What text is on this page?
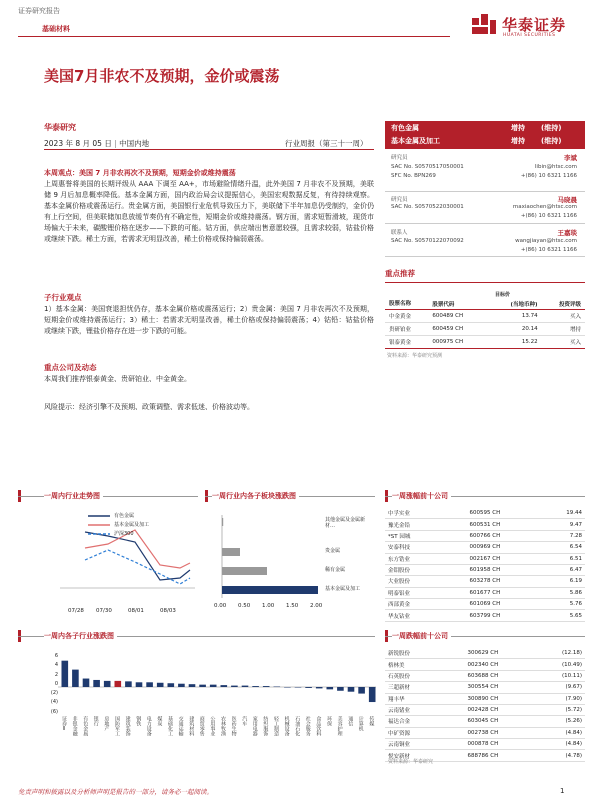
证券研究报告
基础材料	华泰证券
HUATAI SECURITIES
美国7月非农不及预期，金价或震荡
华泰研究
2023 年 8 月 05 日 | 中国内地	行业周报（第三十一周）
有色金属	增持 (维持)
基本金属及加工	增持 (维持)
研究员	李斌
SAC No. S0570517050001	libin@htsc.com
SFC No. BPN269	+(86) 10 6321 1166
研究员	马晓晨
SAC No. S0570522030001	maxiaochen@htsc.com
+(86) 10 6321 1166
联系人	王嘉琰
SAC No. S0570122070092	wangjiayan@htsc.com
+(86) 10 6321 1166
重点推荐
目标价
股票名称	股票代码	(当地币种)	投资评级
中金黄金	600489 CH	13.74	买入
贵研铂业	600459 CH	20.14	增持
银泰黄金	000975 CH	15.22	买入
资料来源：华泰研究预测
本周观点：美国 7 月非农再次不及预期，短期金价或维持震荡
上周惠誉将美国的长期评级从 AAA 下调至 AA+，市场避险情绪升温，此外美国 7 月非农不及预期，美联储 9 月后加息概率降低。基本金属方面，国内政治局会议提振信心，美国宏观数据反复，有待持续观察。基本金属价格或震荡运行。贵金属方面，美国银行业危机导致压力下，美联储下半年加息仍受制约，金价仍有上行空间，但美联储加息放缓节奏仍有不确定性，短期金价或维持震荡。钢方面，需求短暂滑坡，现货市场偏大于未来，碳酸锂价格在逐步——下跌的可能。钴方面，供应端出售意愿较强，且需求较弱，钴盐价格或继续下跌。稀土方面，若需求无明显改善，稀土价格或保持偏弱震荡。
子行业观点
1）基本金属：美国衰退担忧仍存，基本金属价格或震荡运行；2）贵金属：美国 7 月非农再次不及预期，短期金价或维持震荡运行；3）稀土：若需求无明显改善，稀土价格或保持偏弱震荡；4）钴铅：钴盐价格或继续下跌，锂盐价格存在进一步下跌的可能。
重点公司及动态
本周我们推荐银泰黄金、贵研铂业、中金黄金。
风险提示：经济引擎不及预期、政策调整、需求低迷、价格波动等。
一周内行业走势图
有色金属
基本金属及加工
沪深300
07/28 07/30	08/01	08/03
一周行业内各子板块涨跌图
其他金属及金属新材…
贵金属
稀有金属
基本金属及加工
0.00 0.50 1.00 1.50 2.00
一周内各子行业涨跌图
6
4
2
0
(2)
(4)
(6)
证券Ⅱ 非银金融 有色金属 银行 房地产 国防军工 建筑装饰 钢铁 电力设备 煤炭 基础化工 交通运输 建筑材料 商贸零售 公用事业 农林牧渔 医药生物 汽车 家用电器 纺织服饰 轻工制造 机械设备 石油石化 社会服务 食品饮料 环保 美容护理 通信 计算机 传媒
一周涨幅前十公司
中孚实业	600595 CH	19.44
豫光金铅	600531 CH	9.47
*ST 园城	600766 CH	7.28
安泰科技	000969 CH	6.54
东方锆业	002167 CH	6.51
金钼股份	601958 CH	6.47
大业股份	603278 CH	6.19
明泰铝业	601677 CH	5.86
西部黄金	601069 CH	5.76
华友钴业	603799 CH	5.65
一周跌幅前十公司
新锐股份	300629 CH	(12.18)
格林美	002340 CH	(10.49)
石英股份	603688 CH	(10.11)
三超新材	300554 CH	(9.67)
翔丰华	300890 CH	(7.90)
云南锗业	002428 CH	(5.72)
福达合金	603045 CH	(5.26)
中矿资源	002738 CH	(4.84)
云南铜业	000878 CH	(4.84)
悦安新材	688786 CH	(4.78)
资料来源：华泰研究
免责声明和披露以及分析师声明是报告的一部分，请务必一起阅读。	1
